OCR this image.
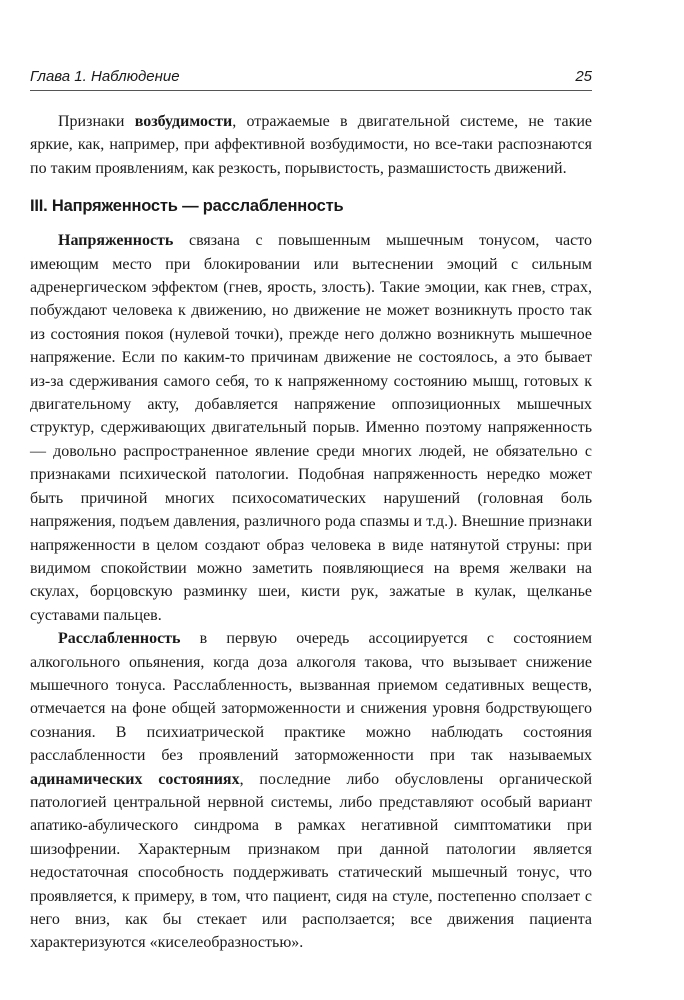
Глава 1. Наблюдение	25

Признаки возбудимости, отражаемые в двигательной системе, не такие яркие, как, например, при аффективной возбудимости, но все-таки распознаются по таким проявлениям, как резкость, порывистость, размашистость движений.

III. Напряженность — расслабленность

Напряженность связана с повышенным мышечным тонусом, часто имеющим место при блокировании или вытеснении эмоций с сильным адренергическом эффектом (гнев, ярость, злость). Такие эмоции, как гнев, страх, побуждают человека к движению, но движение не может возникнуть просто так из состояния покоя (нулевой точки), прежде него должно возникнуть мышечное напряжение. Если по каким-то причинам движение не состоялось, а это бывает из-за сдерживания самого себя, то к напряженному состоянию мышц, готовых к двигательному акту, добавляется напряжение оппозиционных мышечных структур, сдерживающих двигательный порыв. Именно поэтому напряженность — довольно распространенное явление среди многих людей, не обязательно с признаками психической патологии. Подобная напряженность нередко может быть причиной многих психосоматических нарушений (головная боль напряжения, подъем давления, различного рода спазмы и т.д.). Внешние признаки напряженности в целом создают образ человека в виде натянутой струны: при видимом спокойствии можно заметить появляющиеся на время желваки на скулах, борцовскую разминку шеи, кисти рук, зажатые в кулак, щелканье суставами пальцев.

Расслабленность в первую очередь ассоциируется с состоянием алкогольного опьянения, когда доза алкоголя такова, что вызывает снижение мышечного тонуса. Расслабленность, вызванная приемом седативных веществ, отмечается на фоне общей заторможенности и снижения уровня бодрствующего сознания. В психиатрической практике можно наблюдать состояния расслабленности без проявлений заторможенности при так называемых адинамических состояниях, последние либо обусловлены органической патологией центральной нервной системы, либо представляют особый вариант апатико-абулического синдрома в рамках негативной симптоматики при шизофрении. Характерным признаком при данной патологии является недостаточная способность поддерживать статический мышечный тонус, что проявляется, к примеру, в том, что пациент, сидя на стуле, постепенно сползает с него вниз, как бы стекает или расползается; все движения пациента характеризуются «киселеобразностью».
